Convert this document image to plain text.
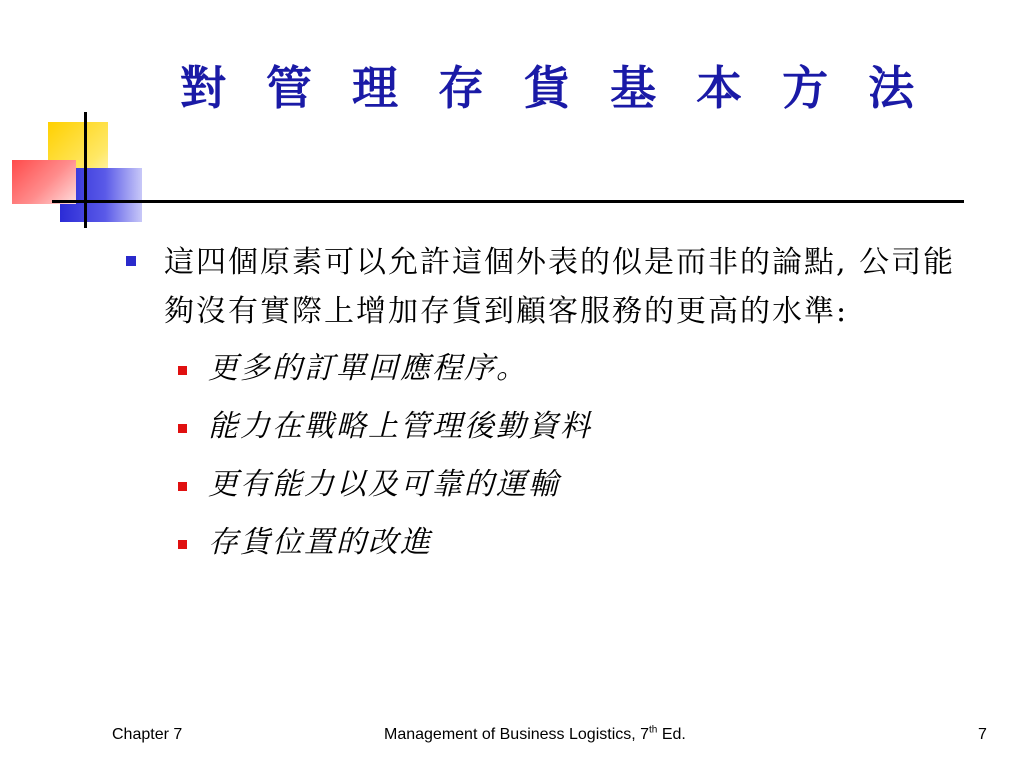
對 管 理 存 貨 基 本 方 法
這四個原素可以允許這個外表的似是而非的論點, 公司能夠沒有實際上增加存貨到顧客服務的更高的水準:
更多的訂單回應程序。
能力在戰略上管理後勤資料
更有能力以及可靠的運輸
存貨位置的改進
Chapter 7	Management of Business Logistics, 7th Ed.	7
